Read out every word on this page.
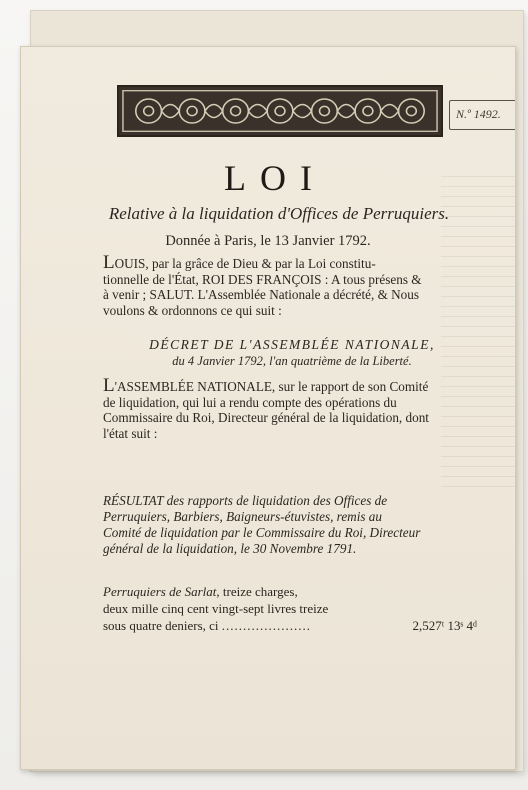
N.º 1492.
LOI
Relative à la liquidation d'Offices de Perruquiers.
Donnée à Paris, le 13 Janvier 1792.
LOUIS, par la grâce de Dieu & par la Loi constitu-
tionnelle de l'État, ROI DES FRANÇOIS : A tous présens &
à venir ; SALUT. L'Assemblée Nationale a décrété, & Nous
voulons & ordonnons ce qui suit :
DÉCRET DE L'ASSEMBLÉE NATIONALE,
du 4 Janvier 1792, l'an quatrième de la Liberté.
L'ASSEMBLÉE NATIONALE, sur le rapport de son Comité
de liquidation, qui lui a rendu compte des opérations du
Commissaire du Roi, Directeur général de la liquidation, dont
l'état suit :
RÉSULTAT des rapports de liquidation des Offices de
Perruquiers, Barbiers, Baigneurs-étuvistes, remis au
Comité de liquidation par le Commissaire du Roi, Directeur
général de la liquidation, le 30 Novembre 1791.
Perruquiers de Sarlat, treize charges,
deux mille cinq cent vingt-sept livres treize
sous quatre deniers, ci .....................	2,527ᵗ 13ˢ 4ᵈ
